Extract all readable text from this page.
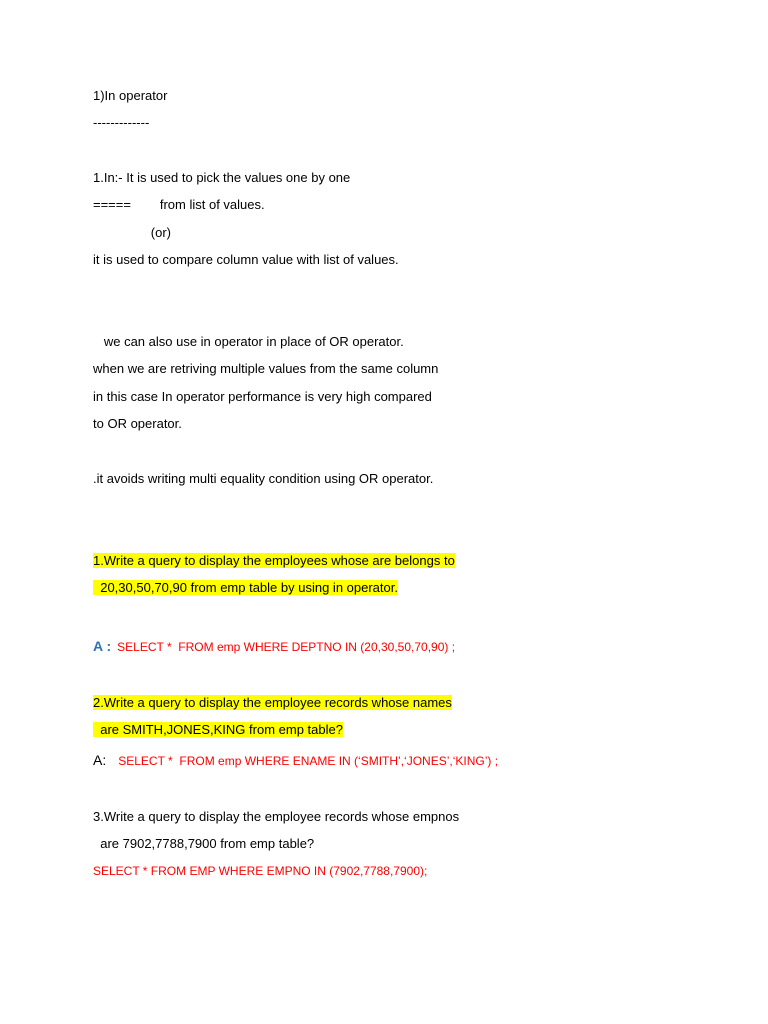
1)In operator
-------------
1.In:- It is used to pick the values one by one
=====        from list of values.
(or)
it is used to compare column value with list of values.
we can also use in operator in place of OR operator.
when we are retriving multiple values from the same column
in this case In operator performance is very high compared
to OR operator.
.it avoids writing multi equality condition using OR operator.
1.Write a query to display the employees whose are belongs to
20,30,50,70,90 from emp table by using in operator.
A : SELECT *  FROM emp WHERE DEPTNO IN (20,30,50,70,90) ;
2.Write a query to display the employee records whose names
are SMITH,JONES,KING from emp table?
A: SELECT *  FROM emp WHERE ENAME IN (‘SMITH’,‘JONES’,‘KING’) ;
3.Write a query to display the employee records whose empnos
are 7902,7788,7900 from emp table?
SELECT * FROM EMP WHERE EMPNO IN (7902,7788,7900);
